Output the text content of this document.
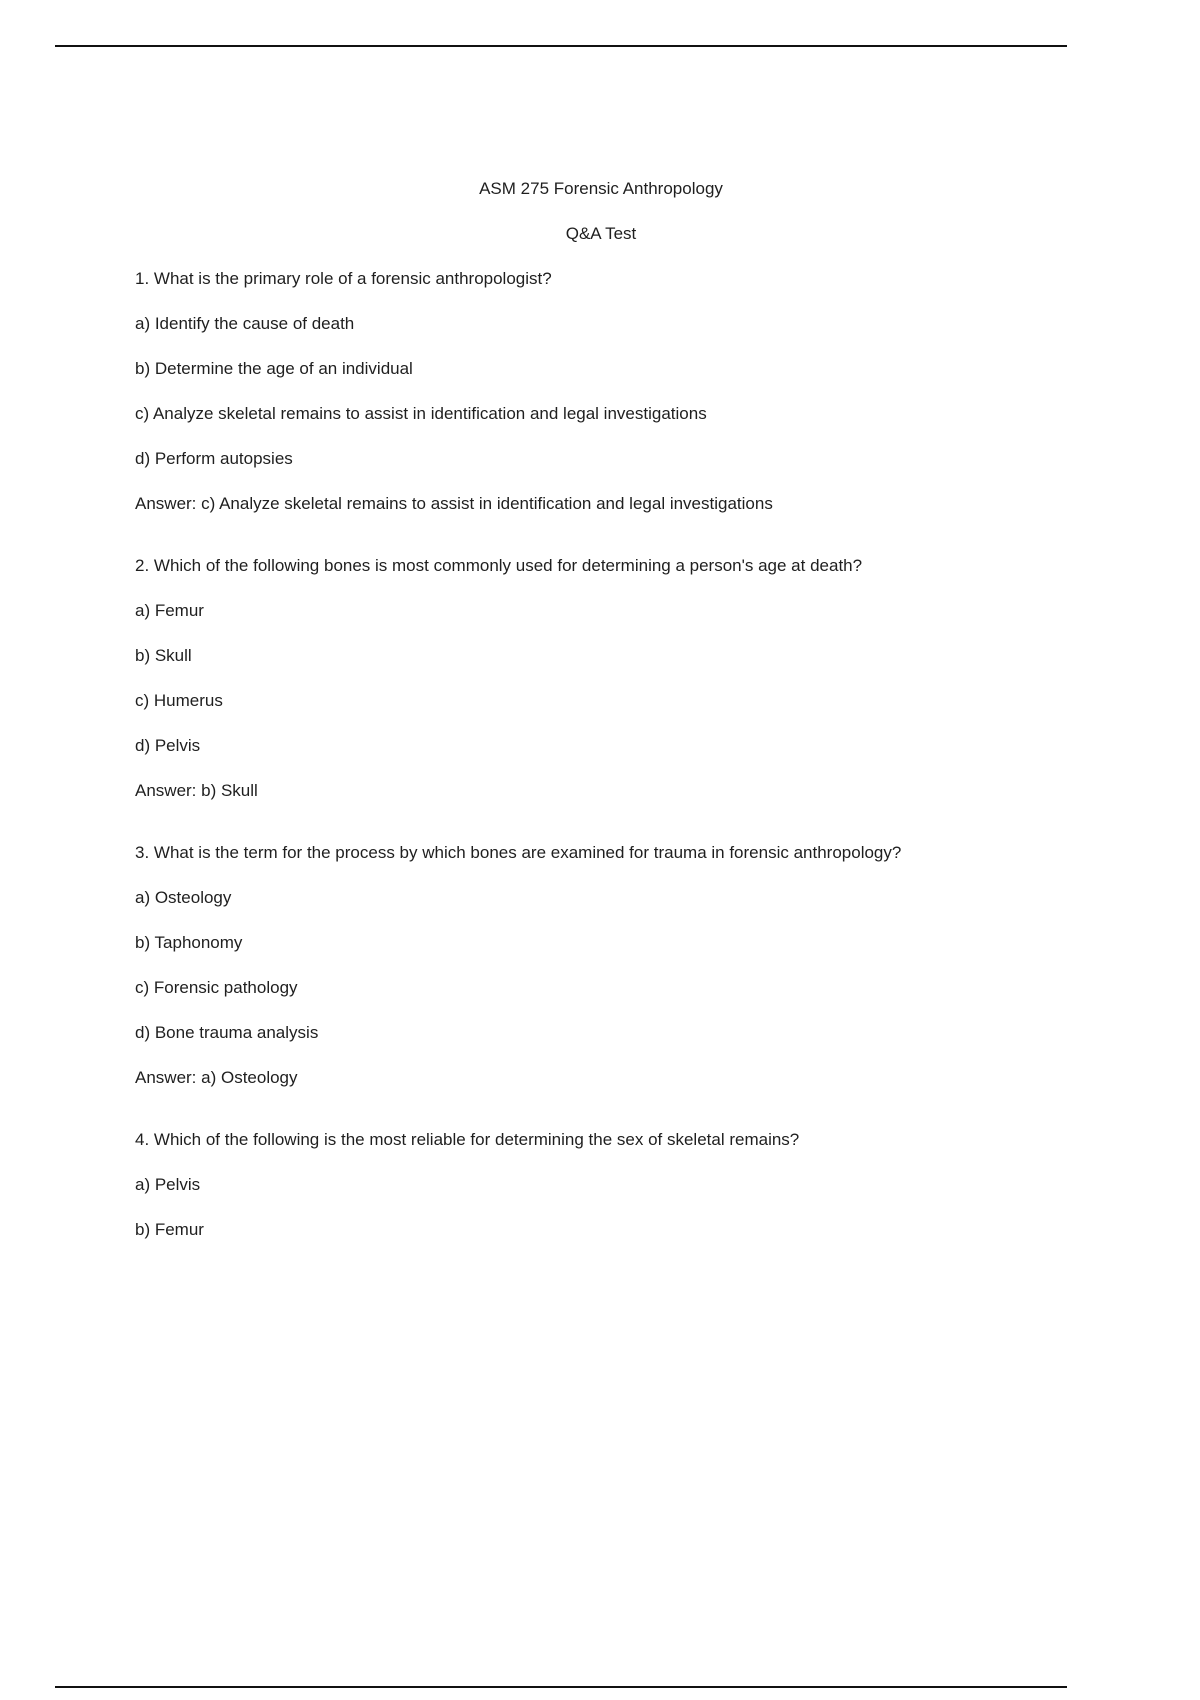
ASM 275 Forensic Anthropology

Q&A Test

1. What is the primary role of a forensic anthropologist?

a) Identify the cause of death

b) Determine the age of an individual

c) Analyze skeletal remains to assist in identification and legal investigations

d) Perform autopsies

Answer: c) Analyze skeletal remains to assist in identification and legal investigations

2. Which of the following bones is most commonly used for determining a person's age at death?

a) Femur

b) Skull

c) Humerus

d) Pelvis

Answer: b) Skull

3. What is the term for the process by which bones are examined for trauma in forensic anthropology?

a) Osteology

b) Taphonomy

c) Forensic pathology

d) Bone trauma analysis

Answer: a) Osteology

4. Which of the following is the most reliable for determining the sex of skeletal remains?

a) Pelvis

b) Femur
